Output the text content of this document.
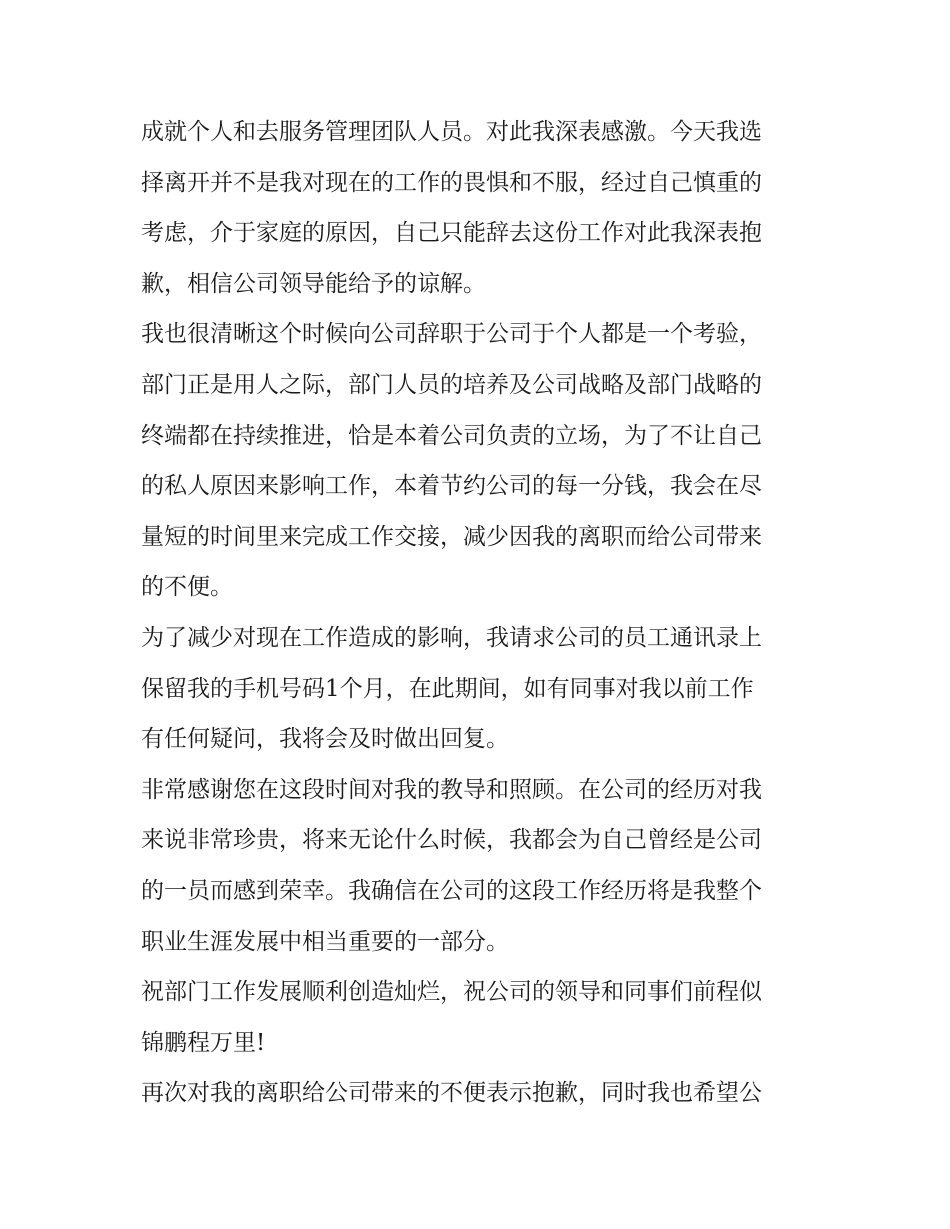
成就个人和去服务管理团队人员。对此我深表感激。今天我选
择离开并不是我对现在的工作的畏惧和不服，经过自己慎重的
考虑，介于家庭的原因，自己只能辞去这份工作对此我深表抱
歉，相信公司领导能给予的谅解。
我也很清晰这个时候向公司辞职于公司于个人都是一个考验，
部门正是用人之际，部门人员的培养及公司战略及部门战略的
终端都在持续推进，恰是本着公司负责的立场，为了不让自己
的私人原因来影响工作，本着节约公司的每一分钱，我会在尽
量短的时间里来完成工作交接，减少因我的离职而给公司带来
的不便。
为了减少对现在工作造成的影响，我请求公司的员工通讯录上
保留我的手机号码1个月，在此期间，如有同事对我以前工作
有任何疑问，我将会及时做出回复。
非常感谢您在这段时间对我的教导和照顾。在公司的经历对我
来说非常珍贵，将来无论什么时候，我都会为自己曾经是公司
的一员而感到荣幸。我确信在公司的这段工作经历将是我整个
职业生涯发展中相当重要的一部分。
祝部门工作发展顺利创造灿烂，祝公司的领导和同事们前程似
锦鹏程万里!
再次对我的离职给公司带来的不便表示抱歉，同时我也希望公
